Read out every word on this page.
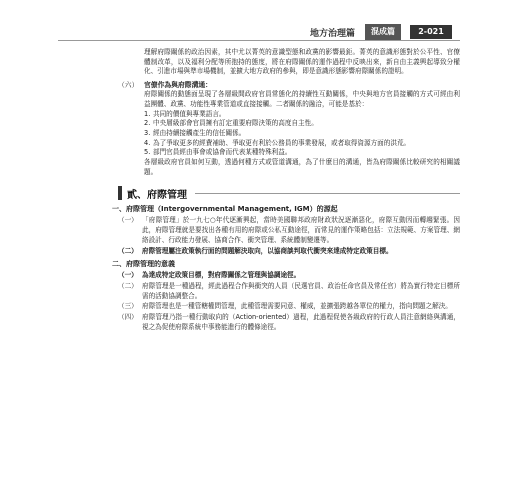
地方治理篇	混成篇	2-021

理解府際關係的政治因素，其中尤以菁英的意識型態和政黨的影響最鉅。菁英的意識形態對於公平性、官僚體制改革，以及福利分配等所抱持的態度，將在府際關係的運作過程中反映出來，新自由主義興起導致分權化、引進市場與準市場機制，並擴大地方政府的參與，即是意識形態影響府際關係的證明。

（六） 官僚作為與府際溝通：

府際關係的動態面呈現了各層級間政府官員常態化的持續性互動關係，中央與地方官員接觸的方式可經由利益團體、政黨、功能性專業管道或直接接觸。二者關係的融洽，可能是基於：

1. 共同的價值與專業語言。
2. 中央層級部會官員擁有訂定重要府際決策的高度自主性。
3. 經由持續接觸產生的信任關係。
4. 為了爭取更多的經費補助、爭取更有利於公務員的事業發展，或者取得資源方面的洪荒。
5. 部門官員經由事會或協會而代表某種特殊利益。

各層級政府官員如何互動，透過何種方式或管道溝通，為了什麼目的溝通，皆為府際關係比較研究的相關議題。

貳、府際管理
一、府際管理（Intergovernmental Management, IGM）的源起
（一） 「府際管理」於一九七○年代逐漸興起，當時美國聯邦政府財政狀況逐漸惡化，府際互動因而轉趨緊張。因此，府際管理就是要找出各種有用的府際或公私互動途徑，而常見的運作策略包括：立法規範、方案管理、網絡設計、行政能力發展、協商合作、衝突管理、系統體制變遷等。
（二） 府際管理屬注政策執行面的問題解決取向，以協商談判取代衝突來達成特定政策目標。
二、府際管理的意義
（一） 為達成特定政策目標，對府際關係之管理與協調途徑。
（二） 府際管理是一種過程，經此過程合作與衝突的人員（民選官員、政治任命官員及常任官）將為實行特定目標所需的活動協調整合。
（三） 府際管理也是一種管轄權問管理，此種管理需要同意、權威，並擴張跨越各單位的權力，指向問題之解決。
（四） 府際管理乃指一種行動取向的（Action-oriented）過程，此過程促使各級政府的行政人員注意網絡與溝通，視之為促使府際系統中事務能進行的體條途徑。
